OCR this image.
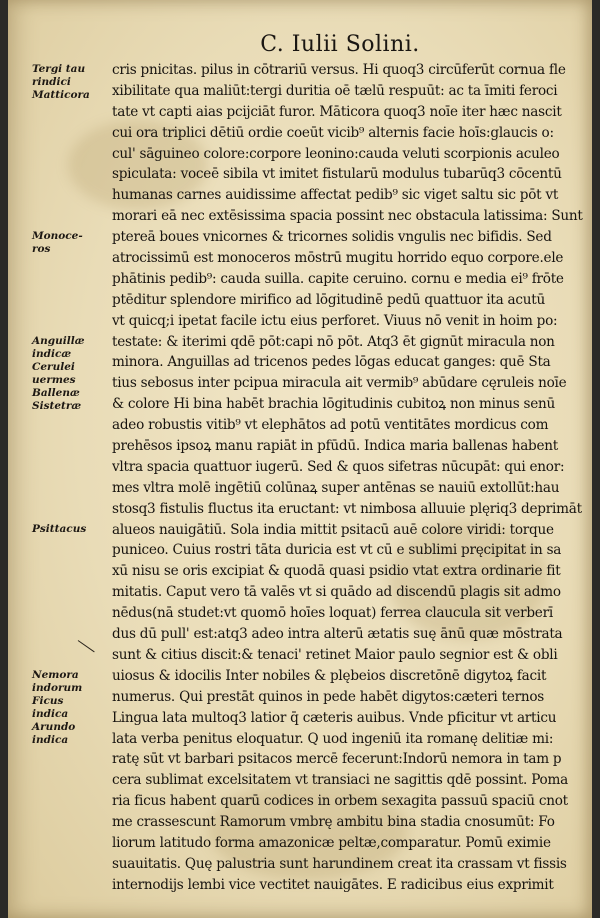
C. Iulii Solini.
Tergi tau
rindici
Matticora
Monoce-
ros
Anguillæ
indicæ
Cerulei
uermes
Ballenæ
Sistetræ
Psittacus
Nemora
indorum
Ficus
indica
Arundo
indica
cris pnicitas. pilus in cōtrariū versus. Hi quoq3 circūferūt cornua fle
xibilitate qua maliūt:tergi duritia oē tælū respuūt: ac ta īmiti feroci
tate vt capti aias pcijciāt furor. Māticora quoq3 noīe iter hæc nascit
cui ora triplici dētiū ordie coeūt vicib⁹ alternis facie hoīs:glaucis o:
cul' sāguineo colore:corpore leonino:cauda veluti scorpionis aculeo
spiculata: voceē sibila vt imitet fistularū modulus tubarūq3 cōcentū
humanas carnes auidissime affectat pedib⁹ sic viget saltu sic pōt vt
morari eā nec extēsissima spacia possint nec obstacula latissima: Sunt
ptereā boues vnicornes & tricornes solidis vngulis nec bifidis. Sed
atrocissimū est monoceros mōstrū mugitu horrido equo corpore.ele
phātinis pedib⁹: cauda suilla. capite ceruino. cornu e media ei⁹ frōte
ptēditur splendore mirifico ad lōgitudinē pedū quattuor ita acutū
vt quicq;i ipetat facile ictu eius perforet. Viuus nō venit in hoim po:
testate: & iterimi qdē pōt:capi nō pōt. Atq3 ēt gignūt miracula non
minora. Anguillas ad tricenos pedes lōgas educat ganges: quē Sta
tius sebosus inter pcipua miracula ait vermib⁹ abūdare cęruleis noīe
& colore Hi bina habēt brachia lōgitudinis cubitoꝝ non minus senū
adeo robustis vitib⁹ vt elephātos ad potū ventitātes mordicus com
prehēsos ipsoꝝ manu rapiāt in pfūdū. Indica maria ballenas habent
vltra spacia quattuor iugerū. Sed & quos sifetras nūcupāt: qui enor:
mes vltra molē ingētiū colūnaꝝ super antēnas se nauiū extollūt:hau
stosq3 fistulis fluctus ita eructant: vt nimbosa alluuie plęriq3 deprimāt
alueos nauigātiū. Sola india mittit psitacū auē colore viridi: torque
puniceo. Cuius rostri tāta duricia est vt cū e sublimi pręcipitat in sa
xū nisu se oris excipiat & quodā quasi psidio vtat extra ordinarie fit
mitatis. Caput vero tā valēs vt si quādo ad discendū plagis sit admo
nēdus(nā studet:vt quomō hoīes loquat) ferrea claucula sit verberī
dus dū pull' est:atq3 adeo intra alterū ætatis suę ānū quæ mōstrata
sunt & citius discit:& tenaci' retinet Maior paulo segnior est & obli
uiosus & idocilis Inter nobiles & plębeios discretōnē digytoꝝ facit
numerus. Qui prestāt quinos in pede habēt digytos:cæteri ternos
Lingua lata multoq3 latior q̄ cæteris auibus. Vnde pficitur vt articu
lata verba penitus eloquatur. Q uod ingeniū ita romanę delitiæ mi:
ratę sūt vt barbari psitacos mercē fecerunt:Indorū nemora in tam p
cera sublimat excelsitatem vt transiaci ne sagittis qdē possint. Poma
ria ficus habent quarū codices in orbem sexagita passuū spaciū cnot
me crassescunt Ramorum vmbrę ambitu bina stadia cnosumūt: Fo
liorum latitudo forma amazonicæ peltæ,comparatur. Pomū eximie
suauitatis. Quę palustria sunt harundinem creat ita crassam vt fissis
internodijs lembi vice vectitet nauigātes. E radicibus eius exprimit
